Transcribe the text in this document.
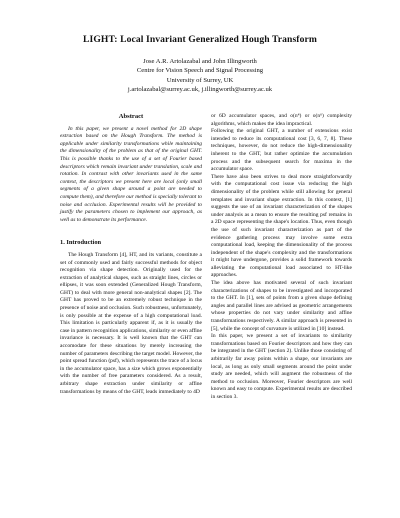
LIGHT: Local Invariant Generalized Hough Transform
Jose A.R. Artolazabal and John Illingworth
Centre for Vision Speech and Signal Processing
University of Surrey, UK
j.artolazabal@surrey.ac.uk, j.illingworth@surrey.ac.uk
Abstract

In this paper, we present a novel method for 2D shape extraction based on the Hough Transform. The method is applicable under similarity transformations while maintaining the dimensionality of the problem as that of the original GHT. This is possible thanks to the use of a set of Fourier based descriptors which remain invariant under translation, scale and rotation. In contrast with other invariants used in the same context, the descriptors we present here are local (only small segments of a given shape around a point are needed to compute them), and therefore our method is specially tolerant to noise and occlusion. Experimental results will be provided to justify the parameters chosen to implement our approach, as well as to demonstrate its performance.

1. Introduction

The Hough Transform [4], HT, and its variants, constitute a set of commonly used and fairly successful methods for object recognition via shape detection. Originally used for the extraction of analytical shapes, such as straight lines, circles or ellipses, it was soon extended (Generalized Hough Transform, GHT) to deal with more general non-analytical shapes [2]. The GHT has proved to be an extremely robust technique in the presence of noise and occlusion. Such robustness, unfortunately, is only possible at the expense of a high computational load. This limitation is particularly apparent if, as it is usually the case in pattern recognition applications, similarity or even affine invariance is necessary. It is well known that the GHT can accomodate for these situations by merely increasing the number of parameters describing the target model. However, the point spread function (psf), which represents the trace of a locus in the accumulator space, has a size which grows exponentially with the number of free parameters considered. As a result, arbitrary shape extraction under similarity or affine transformations by means of the GHT, leads immediately to 4D

or 6D accumulator spaces, and o(n⁴) or o(n⁶) complexity algorithms, which makes the idea impractical.

Following the original GHT, a number of extensions exist intended to reduce its computational cost [3, 6, 7, 8]. These techniques, however, do not reduce the high-dimensionality inherent to the GHT, but rather optimize the accumulation process and the subsequent search for maxima in the accumulator space.

There have also been strives to deal more straightforwardly with the computational cost issue via reducing the high dimensionality of the problem while still allowing for general templates and invariant shape extraction. In this context, [1] suggests the use of an invariant characterization of the shapes under analysis as a mean to ensure the resulting psf remains in a 2D space representing the shape's location. Thus, even though the use of such invariant characterization as part of the evidence gathering process may involve some extra computational load, keeping the dimensionality of the process independent of the shape's complexity and the transformations it might have undergone, provides a solid framework towards alleviating the computational load associated to HT-like approaches.

The idea above has motivated several of such invariant characterizations of shapes to be investigated and incorporated to the GHT. In [1], sets of points from a given shape defining angles and parallel lines are advised as geometric arrangements whose properties do not vary under similarity and affine transformations respectively. A similar approach is presented in [5], while the concept of curvature is utilized in [10] instead.

In this paper, we present a set of invariants to similarity transformations based on Fourier descriptors and how they can be integrated in the GHT (section 2). Unlike those consisting of arbitrarily far away points within a shape, our invariants are local, as long as only small segments around the point under study are needed, which will augment the robustness of the method to occlusion. Moreover, Fourier descriptors are well known and easy to compute. Experimental results are described in section 3.
